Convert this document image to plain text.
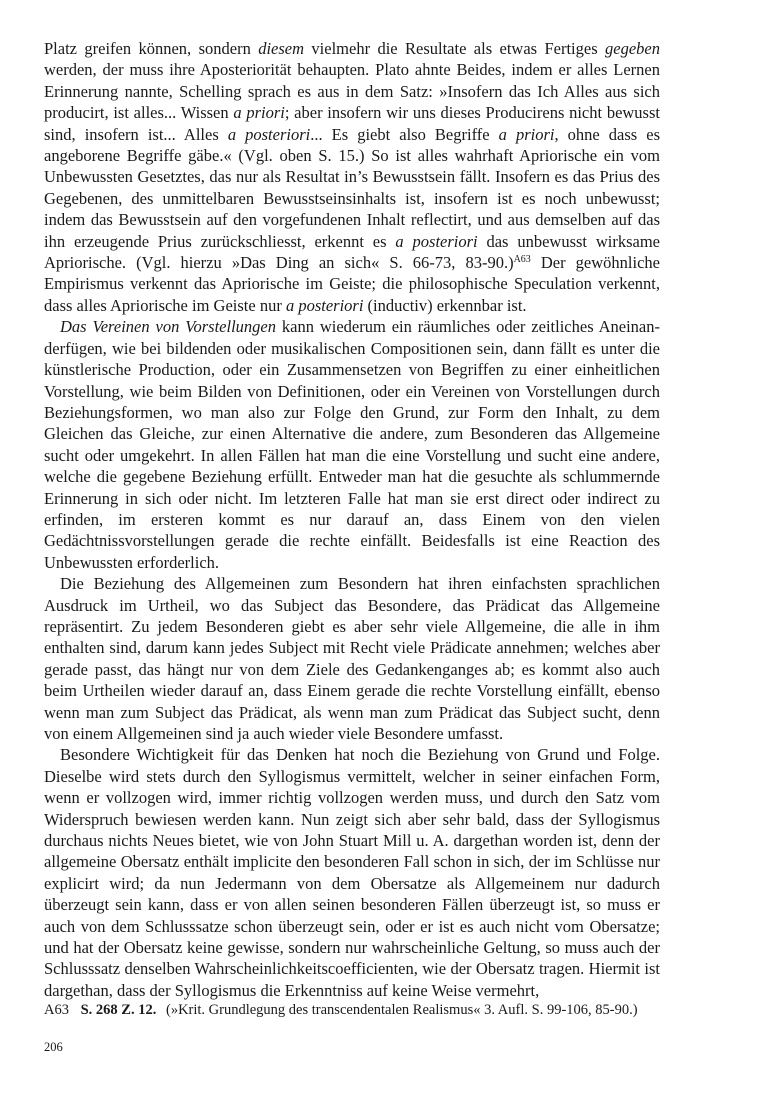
Platz greifen können, sondern diesem vielmehr die Resultate als etwas Fertiges gegeben werden, der muss ihre Aposteriorität behaupten. Plato ahnte Beides, indem er alles Lernen Erinnerung nannte, Schelling sprach es aus in dem Satz: »Insofern das Ich Alles aus sich producirt, ist alles... Wissen a priori; aber insofern wir uns dieses Producirens nicht bewusst sind, insofern ist... Alles a posteriori... Es giebt also Begriffe a priori, ohne dass es angeborene Begriffe gäbe.« (Vgl. oben S. 15.) So ist alles wahrhaft Apriorische ein vom Unbewussten Gesetztes, das nur als Resultat in’s Bewusstsein fällt. Insofern es das Prius des Gegebenen, des unmittelbaren Bewusstseinsinhalts ist, insofern ist es noch unbewusst; indem das Bewusstsein auf den vorgefundenen Inhalt reflectirt, und aus demselben auf das ihn erzeugende Prius zurückschliesst, erkennt es a posteriori das unbewusst wirksame Apriorische. (Vgl. hierzu »Das Ding an sich« S. 66-73, 83-90.)$^{A63}$ Der gewöhnliche Empirismus verkennt das Apriorische im Geiste; die philosophische Speculation verkennt, dass alles Apriorische im Geiste nur a posteriori (inductiv) erkennbar ist.

Das Vereinen von Vorstellungen kann wiederum ein räumliches oder zeitliches Aneinanderfügen, wie bei bildenden oder musikalischen Compositionen sein, dann fällt es unter die künstlerische Production, oder ein Zusammensetzen von Begriffen zu einer einheitlichen Vorstellung, wie beim Bilden von Definitionen, oder ein Vereinen von Vorstellungen durch Beziehungsformen, wo man also zur Folge den Grund, zur Form den Inhalt, zu dem Gleichen das Gleiche, zur einen Alternative die andere, zum Besonderen das Allgemeine sucht oder umgekehrt. In allen Fällen hat man die eine Vorstellung und sucht eine andere, welche die gegebene Beziehung erfüllt. Entweder man hat die gesuchte als schlummernde Erinnerung in sich oder nicht. Im letzteren Falle hat man sie erst direct oder indirect zu erfinden, im ersteren kommt es nur darauf an, dass Einem von den vielen Gedächtnissvorstellungen gerade die rechte einfällt. Beidesfalls ist eine Reaction des Unbewussten erforderlich.

Die Beziehung des Allgemeinen zum Besondern hat ihren einfachsten sprachlichen Ausdruck im Urtheil, wo das Subject das Besondere, das Prädicat das Allgemeine repräsentirt. Zu jedem Besonderen giebt es aber sehr viele Allgemeine, die alle in ihm enthalten sind, darum kann jedes Subject mit Recht viele Prädicate annehmen; welches aber gerade passt, das hängt nur von dem Ziele des Gedankenganges ab; es kommt also auch beim Urtheilen wieder darauf an, dass Einem gerade die rechte Vorstellung einfällt, ebenso wenn man zum Subject das Prädicat, als wenn man zum Prädicat das Subject sucht, denn von einem Allgemeinen sind ja auch wieder viele Besondere umfasst.

Besondere Wichtigkeit für das Denken hat noch die Beziehung von Grund und Folge. Dieselbe wird stets durch den Syllogismus vermittelt, welcher in seiner einfachen Form, wenn er vollzogen wird, immer richtig vollzogen werden muss, und durch den Satz vom Widerspruch bewiesen werden kann. Nun zeigt sich aber sehr bald, dass der Syllogismus durchaus nichts Neues bietet, wie von John Stuart Mill u. A. dargethan worden ist, denn der allgemeine Obersatz enthält implicite den besonderen Fall schon in sich, der im Schlüsse nur explicirt wird; da nun Jedermann von dem Obersatze als Allgemeinem nur dadurch überzeugt sein kann, dass er von allen seinen besonderen Fällen überzeugt ist, so muss er auch von dem Schlusssatze schon überzeugt sein, oder er ist es auch nicht vom Obersatze; und hat der Obersatz keine gewisse, sondern nur wahrscheinliche Geltung, so muss auch der Schlusssatz denselben Wahrscheinlichkeitscoefficienten, wie der Obersatz tragen. Hiermit ist dargethan, dass der Syllogismus die Erkenntniss auf keine Weise vermehrt,

A63 S. 268 Z. 12. (»Krit. Grundlegung des transcendentalen Realismus« 3. Aufl. S. 99-106, 85-90.)
206
